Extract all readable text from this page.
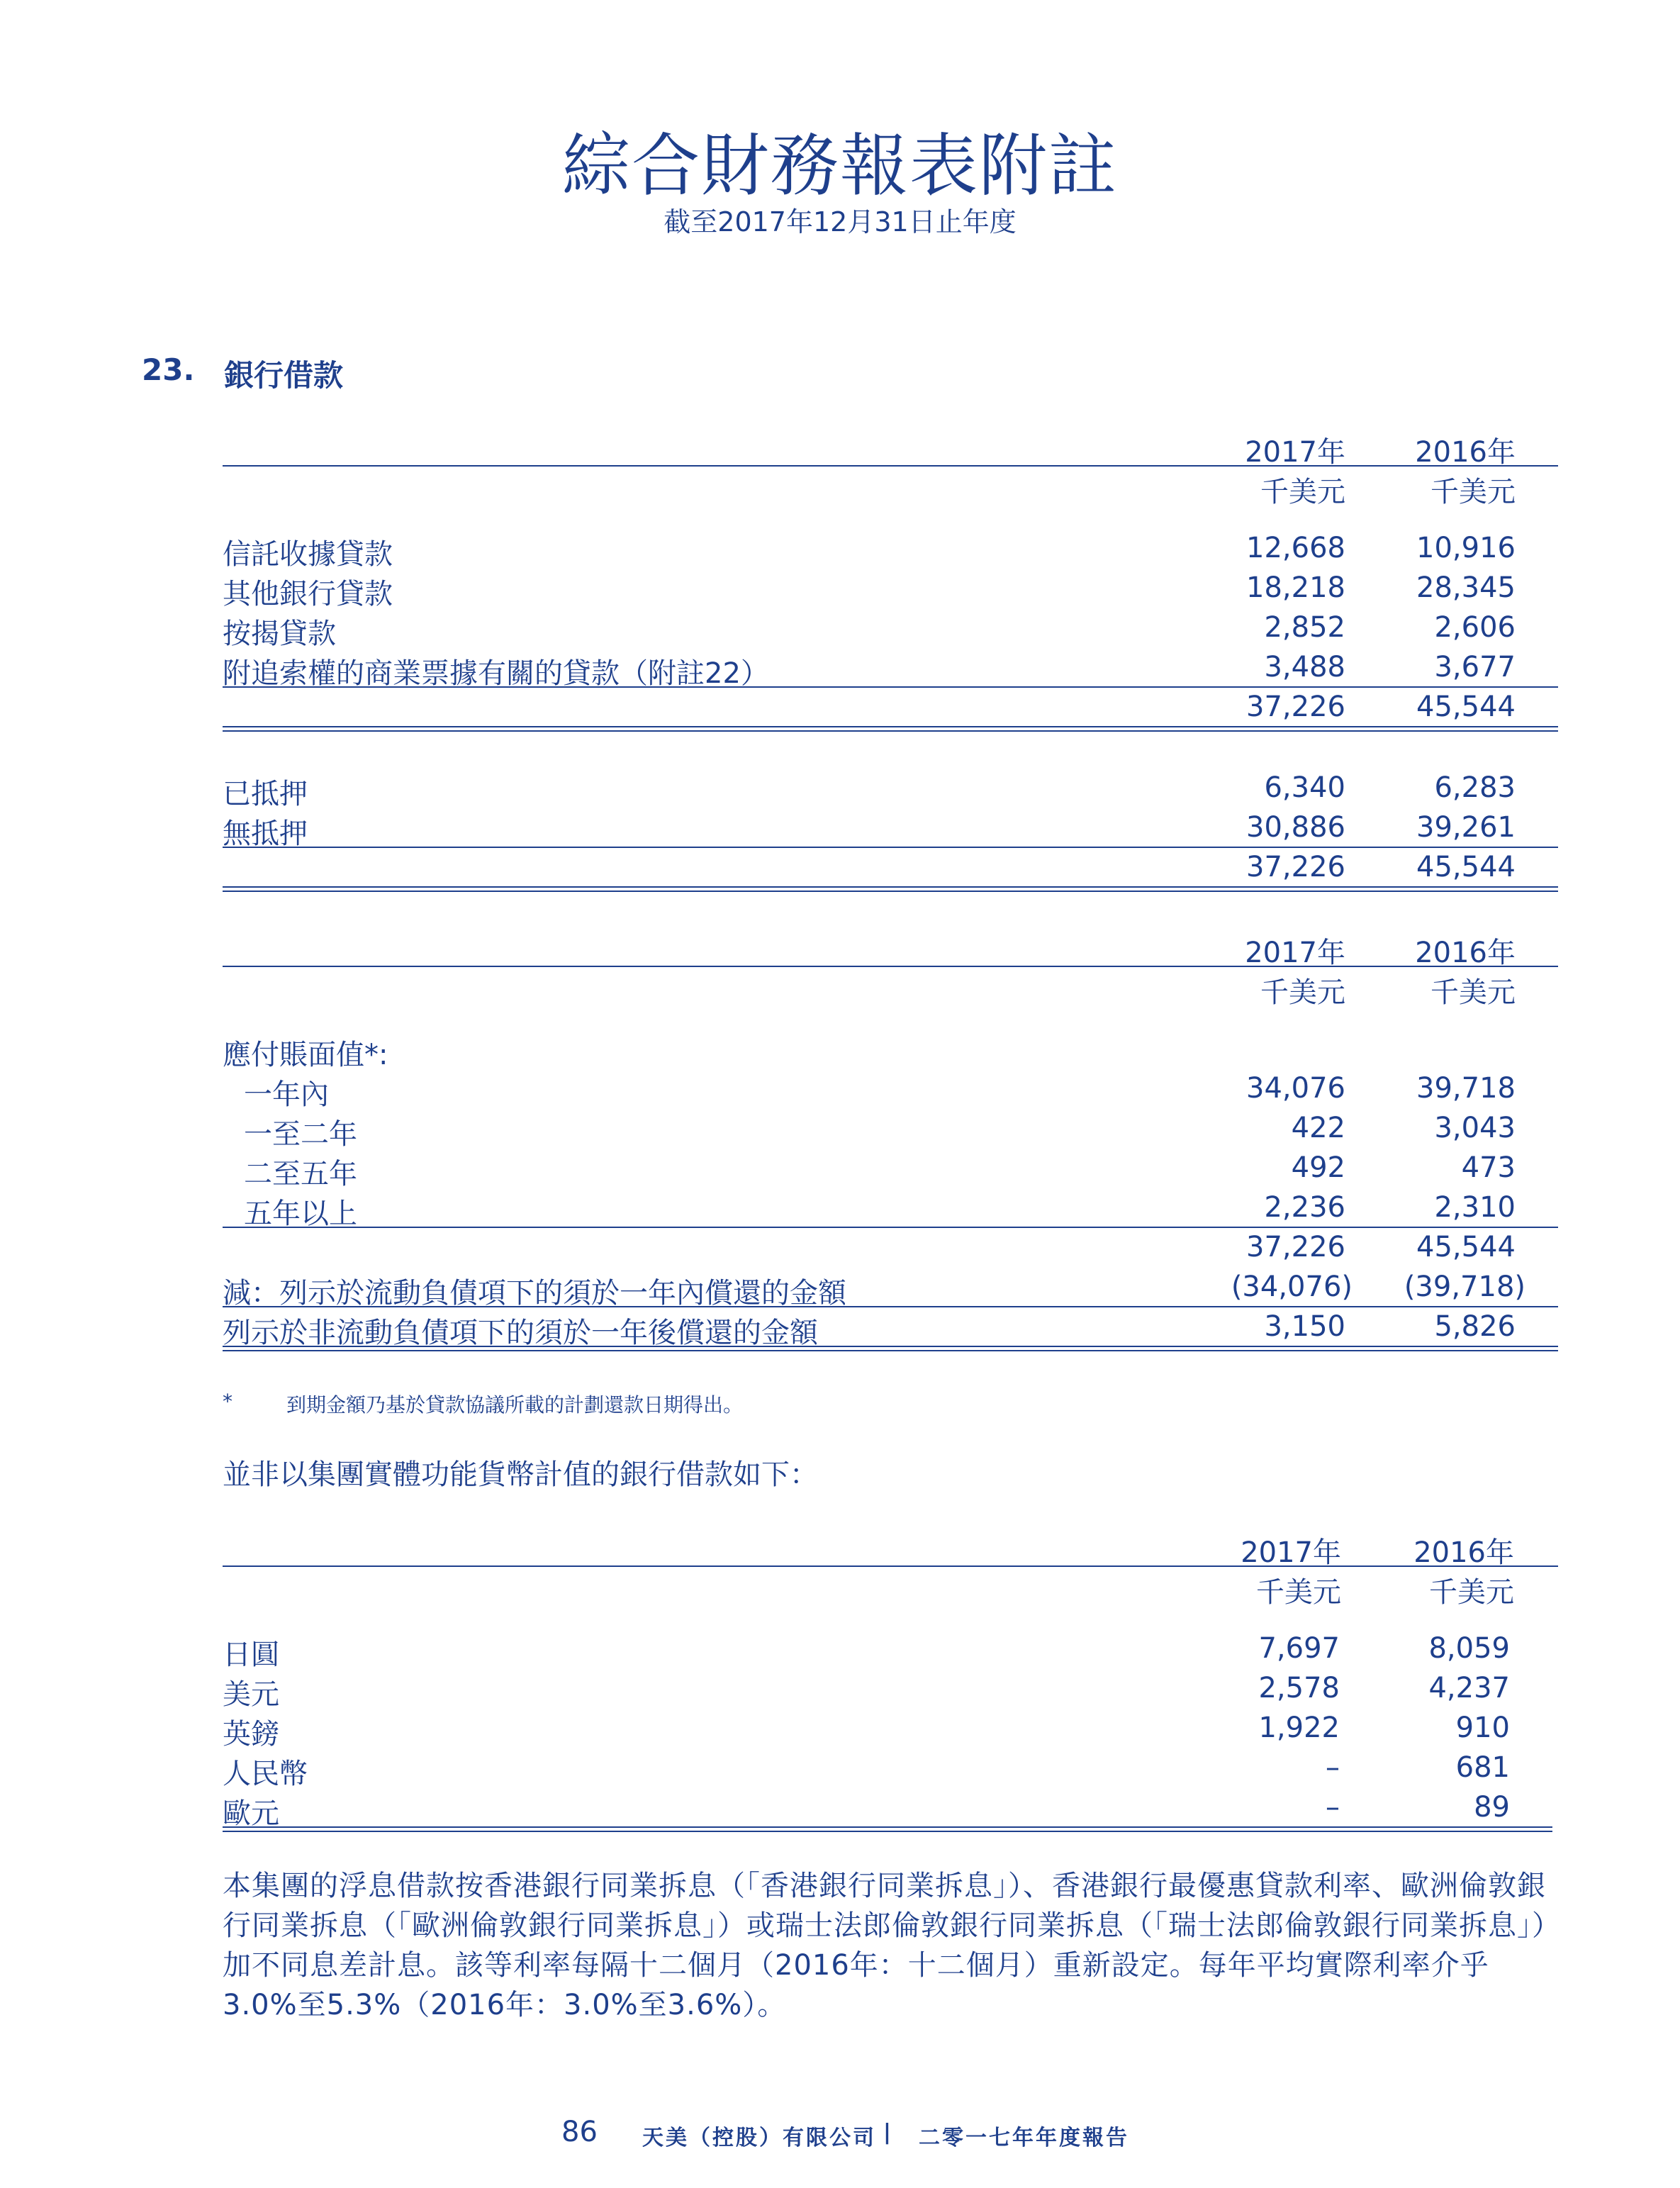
綜合財務報表附註
截至2017年12月31日止年度
23. 銀行借款
2017年 2016年
千美元	千美元
信託收據貸款	12,668	10,916
其他銀行貸款	18,218	28,345
按揭貸款	2,852	2,606
附追索權的商業票據有關的貸款（附註22）	3,488	3,677
37,226	45,544
已抵押	6,340	6,283
無抵押	30,886	39,261
37,226	45,544
2017年 2016年
千美元	千美元
應付賬面值*:
一年內	34,076	39,718
一至二年	422	3,043
二至五年	492	473
五年以上	2,236	2,310
37,226	45,544
減：列示於流動負債項下的須於一年內償還的金額	(34,076) (39,718)
列示於非流動負債項下的須於一年後償還的金額	3,150	5,826
*	到期金額乃基於貸款協議所載的計劃還款日期得出。
並非以集團實體功能貨幣計值的銀行借款如下：
2017年	2016年
千美元	千美元
日圓	7,697	8,059
美元	2,578	4,237
英鎊	1,922	910
人民幣	–	681
歐元	–	89
本集團的浮息借款按香港銀行同業拆息（「香港銀行同業拆息」）、香港銀行最優惠貸款利率、歐洲倫敦銀行同業拆息（「歐洲倫敦銀行同業拆息」）或瑞士法郎倫敦銀行同業拆息（「瑞士法郎倫敦銀行同業拆息」）加不同息差計息。該等利率每隔十二個月（2016年：十二個月）重新設定。每年平均實際利率介乎3.0%至5.3%（2016年：3.0%至3.6%）。
86 天美（控股）有限公司 | 二零一七年年度報告
